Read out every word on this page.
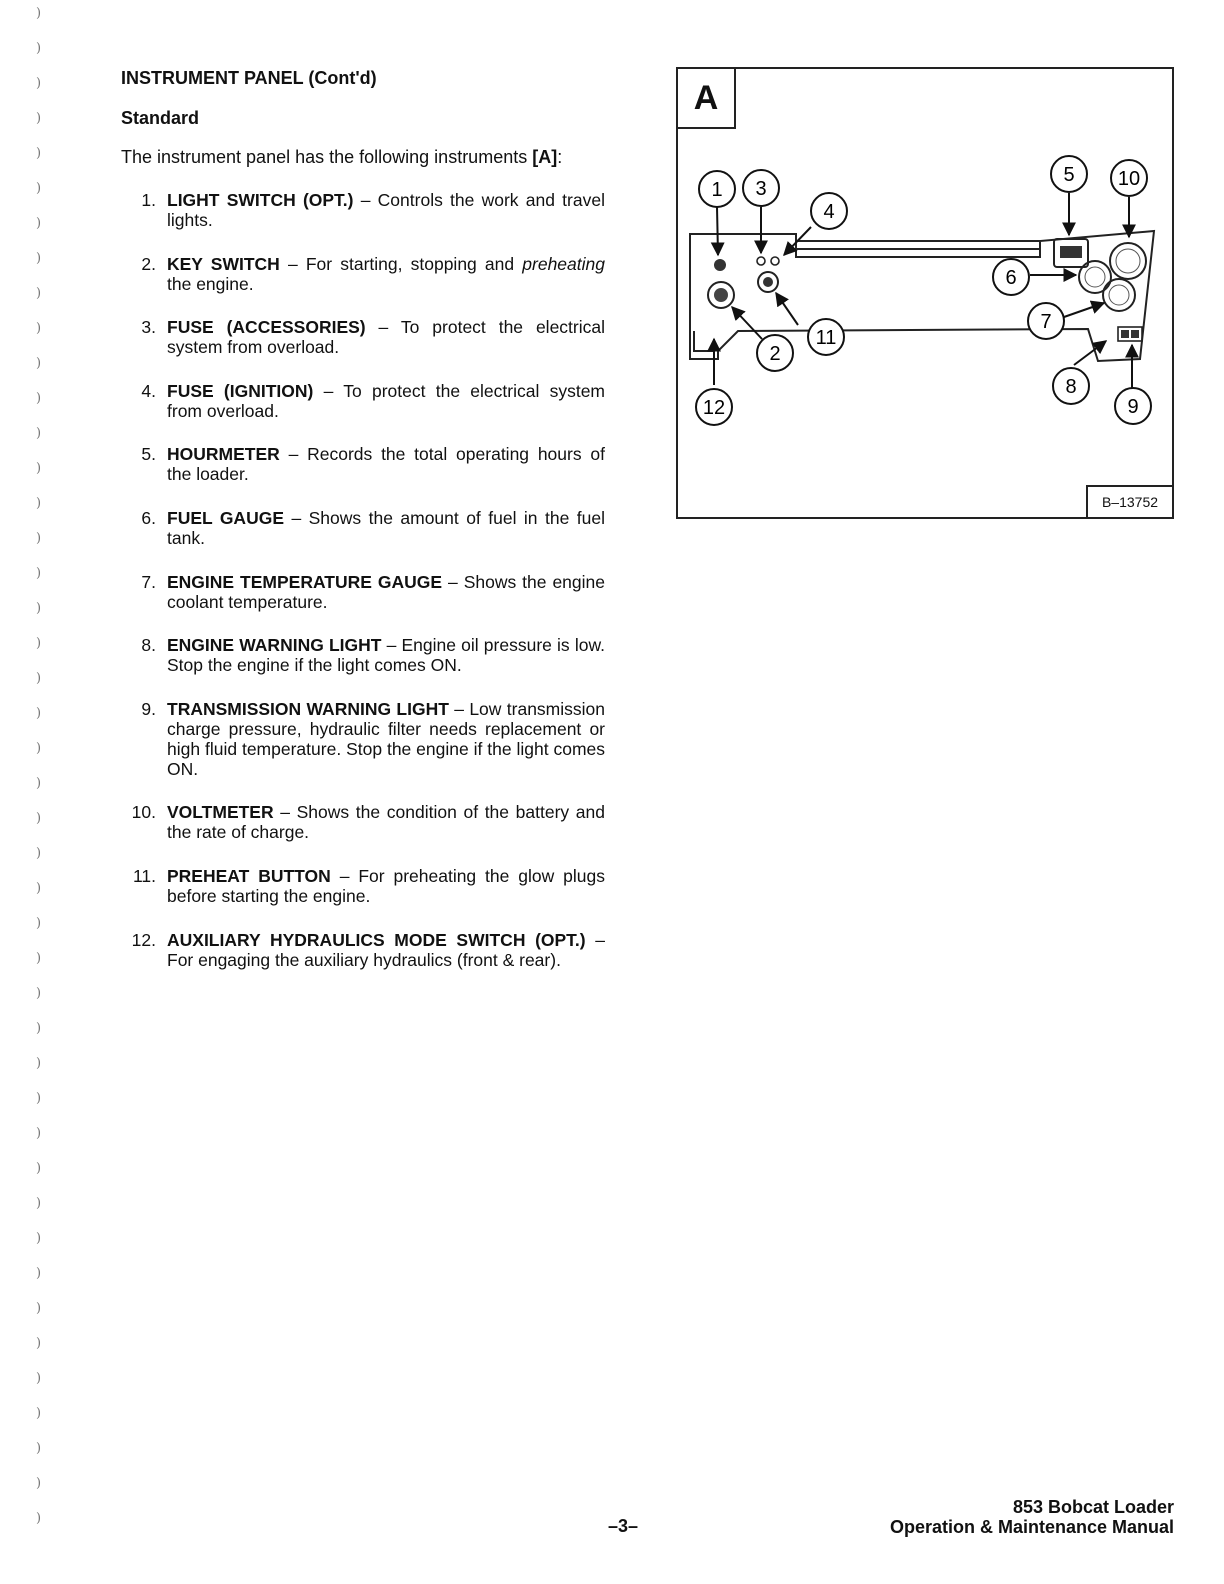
)
)
)
)
)
)
)
)
)
)
)
)
)
)
)
)
)
)
)
)
)
)
)
)
)
)
)
)
)
)
)
)
)
)
)
)
)
)
)
)
)
)
)
)
INSTRUMENT PANEL (Cont'd)
Standard
The instrument panel has the following instruments [A]:
1. LIGHT SWITCH (OPT.) – Controls the work and travel lights.
2. KEY SWITCH – For starting, stopping and preheating the engine.
3. FUSE (ACCESSORIES) – To protect the electrical system from overload.
4. FUSE (IGNITION) – To protect the electrical system from overload.
5. HOURMETER – Records the total operating hours of the loader.
6. FUEL GAUGE – Shows the amount of fuel in the fuel tank.
7. ENGINE TEMPERATURE GAUGE – Shows the engine coolant temperature.
8. ENGINE WARNING LIGHT – Engine oil pressure is low. Stop the engine if the light comes ON.
9. TRANSMISSION WARNING LIGHT – Low transmission charge pressure, hydraulic filter needs replacement or high fluid temperature. Stop the engine if the light comes ON.
10. VOLTMETER – Shows the condition of the battery and the rate of charge.
11. PREHEAT BUTTON – For preheating the glow plugs before starting the engine.
12. AUXILIARY HYDRAULICS MODE SWITCH (OPT.) – For engaging the auxiliary hydraulics (front & rear).
1 3
4
5 10
6
7
2
11
12
8
9
A
B–13752
–3–
853 Bobcat Loader
Operation & Maintenance Manual
